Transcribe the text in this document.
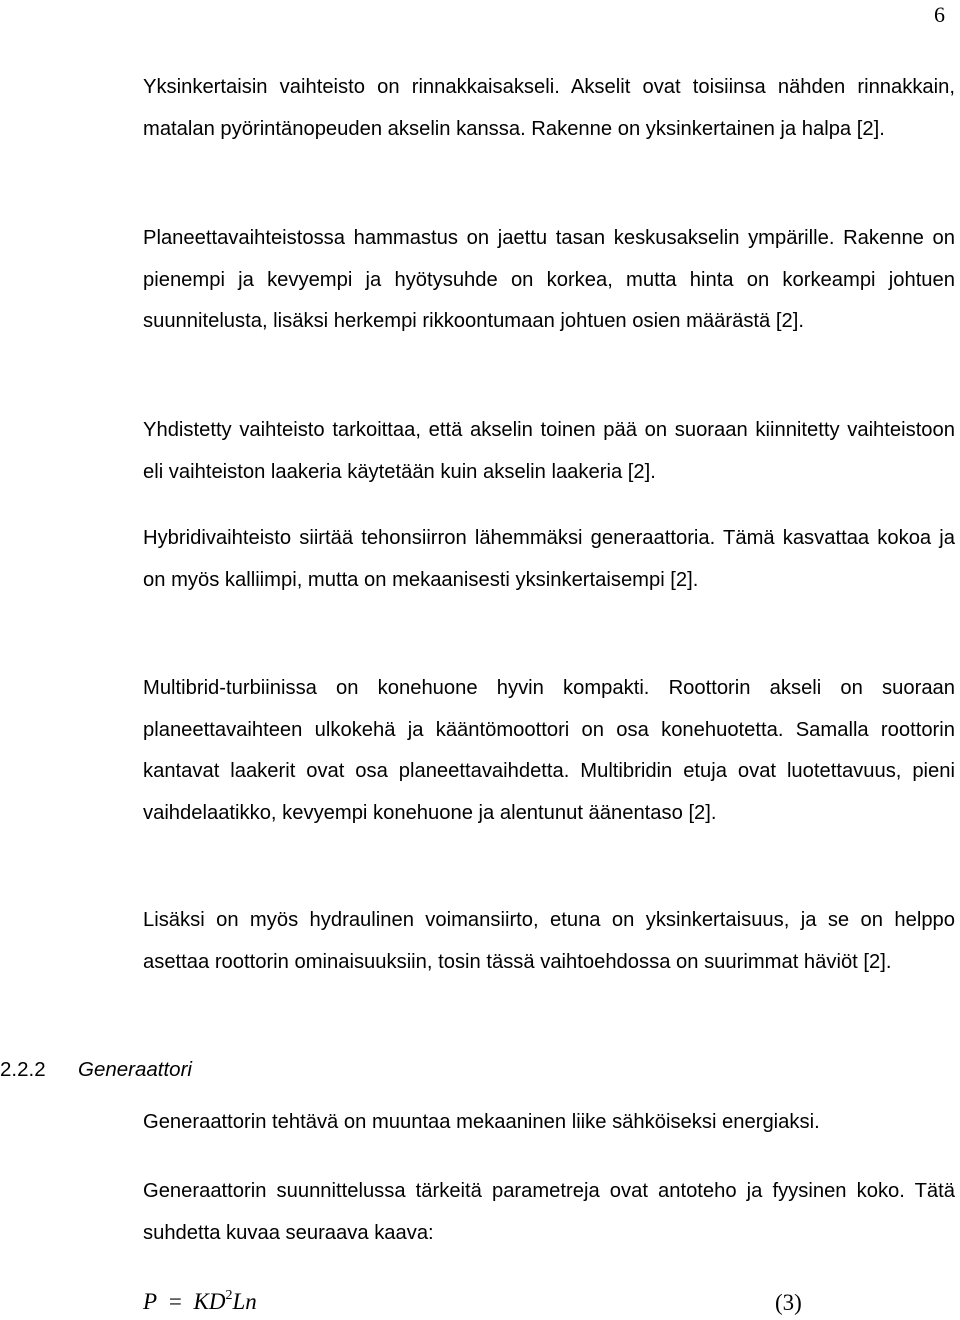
6

Yksinkertaisin vaihteisto on rinnakkaisakseli. Akselit ovat toisiinsa nähden rinnakkain, matalan pyörintänopeuden akselin kanssa. Rakenne on yksinkertainen ja halpa [2].

Planeettavaihteistossa hammastus on jaettu tasan keskusakselin ympärille. Rakenne on pienempi ja kevyempi ja hyötysuhde on korkea, mutta hinta on korkeampi johtuen suunnitelusta, lisäksi herkempi rikkoontumaan johtuen osien määrästä [2].

Yhdistetty vaihteisto tarkoittaa, että akselin toinen pää on suoraan kiinnitetty vaihteistoon eli vaihteiston laakeria käytetään kuin akselin laakeria [2].

Hybridivaihteisto siirtää tehonsiirron lähemmäksi generaattoria. Tämä kasvattaa kokoa ja on myös kalliimpi, mutta on mekaanisesti yksinkertaisempi [2].

Multibrid-turbiinissa on konehuone hyvin kompakti. Roottorin akseli on suoraan planeettavaihteen ulkokehä ja kääntömoottori on osa konehuotetta. Samalla roottorin kantavat laakerit ovat osa planeettavaihdetta. Multibridin etuja ovat luotettavuus, pieni vaihdelaatikko, kevyempi konehuone ja alentunut äänentaso [2].

Lisäksi on myös hydraulinen voimansiirto, etuna on yksinkertaisuus, ja se on helppo asettaa roottorin ominaisuuksiin, tosin tässä vaihtoehdossa on suurimmat häviöt [2].

2.2.2 Generaattori

Generaattorin tehtävä on muuntaa mekaaninen liike sähköiseksi energiaksi.

Generaattorin suunnittelussa tärkeitä parametreja ovat antoteho ja fyysinen koko. Tätä suhdetta kuvaa seuraava kaava:

$P = KD^2Ln$	(3)
